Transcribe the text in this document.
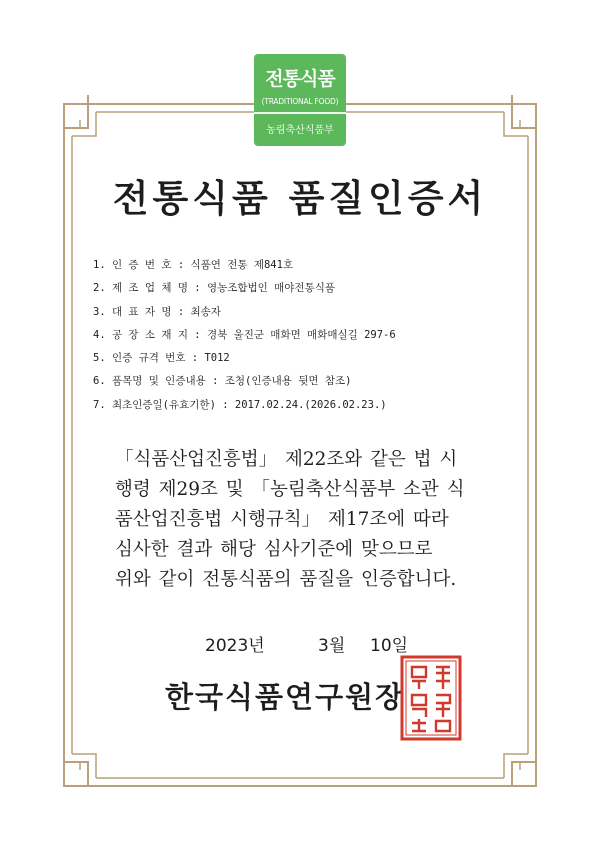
전통식품
(TRADITIONAL FOOD)
농림축산식품부
전통식품 품질인증서
1. 인 증 번 호 : 식품연 전통 제841호
2. 제 조 업 체 명 : 영농조합법인 매야전통식품
3. 대 표 자 명 : 최송자
4. 공 장 소 재 지 : 경북 울진군 매화면 매화매실길 297-6
5. 인증 규격 번호 : T012
6. 품목명 및 인증내용 : 조청(인증내용 뒷면 참조)
7. 최초인증일(유효기한) : 2017.02.24.(2026.02.23.)

「식품산업진흥법」 제22조와 같은 법 시

행령 제29조 및 「농림축산식품부 소관 식

품산업진흥법 시행규칙」 제17조에 따라

심사한 결과 해당 심사기준에 맞으므로

위와 같이 전통식품의 품질을 인증합니다.

2023년	3월 10일
한국식품연구원장
